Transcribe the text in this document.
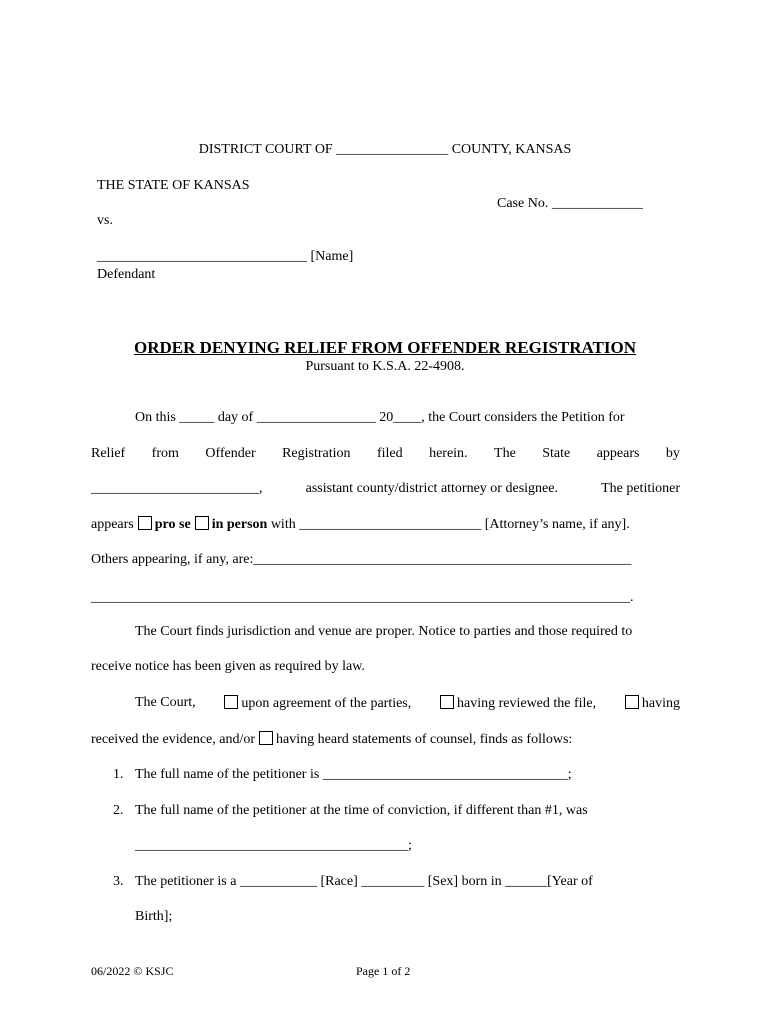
DISTRICT COURT OF ________________ COUNTY, KANSAS
THE STATE OF KANSAS
Case No. _____________
vs.
______________________________ [Name]
Defendant
ORDER DENYING RELIEF FROM OFFENDER REGISTRATION
Pursuant to K.S.A. 22-4908.
On this _____ day of _________________ 20____, the Court considers the Petition for
Relief from Offender Registration filed herein. The State appears by
________________________,	assistant county/district attorney or designee.	The petitioner
appears pro se in person with __________________________ [Attorney’s name, if any].
Others appearing, if any, are:______________________________________________________
_____________________________________________________________________________.
The Court finds jurisdiction and venue are proper. Notice to parties and those required to
receive notice has been given as required by law.
The Court,	upon agreement of the parties,	having reviewed the file,	having
received the evidence, and/or having heard statements of counsel, finds as follows:
1. The full name of the petitioner is ___________________________________;
2. The full name of the petitioner at the time of conviction, if different than #1, was
_______________________________________;
3. The petitioner is a ___________ [Race] _________ [Sex] born in ______[Year of
Birth];
06/2022 © KSJC	Page 1 of 2
